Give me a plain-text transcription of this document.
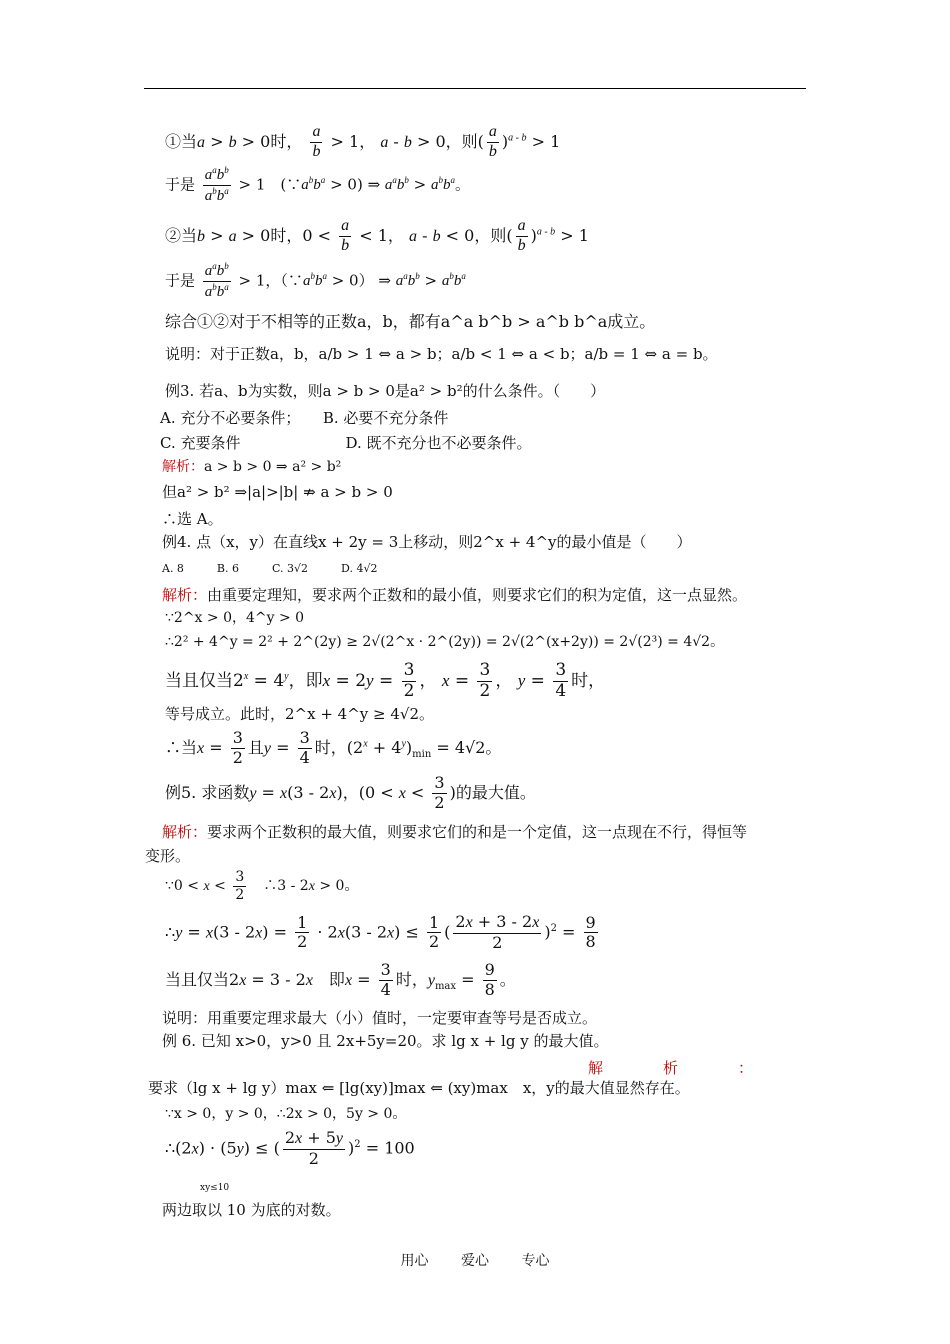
①当a > b > 0时， $\frac{a}{b} > 1$， a - b > 0，则( $\frac{a}{b} )^{a - b} > 1$
于是 $\frac{a^ab^b}{a^bb^a} > 1$　$(\because a^bb^a > 0)$ ⇒ $a^ab^b > a^bb^a$。
②当b > a > 0时，$0 < \frac{a}{b} < 1$， a - b < 0，则( $\frac{a}{b} )^{a - b} > 1$
于是 $\frac{a^ab^b}{a^bb^a} > 1$，$(\because a^bb^a > 0)$ ⇒ $a^ab^b > a^bb^a$
综合①②对于不相等的正数a，b，都有a^a b^b > a^b b^a成立。
说明：对于正数a，b，a/b > 1 ⇔ a > b；a/b < 1 ⇔ a < b；a/b = 1 ⇔ a = b。
例3. 若a、b为实数，则a > b > 0是a² > b²的什么条件。（　　）
A. 充分不必要条件；　　B. 必要不充分条件
C. 充要条件　　　　　　　D. 既不充分也不必要条件。
解析：a > b > 0 ⇒ a² > b²
但a² > b² ⇒|a|>|b| ⇏ a > b > 0
∴选 A。
例4. 点（x，y）在直线x + 2y = 3上移动，则2^x + 4^y的最小值是（　　）
A. 8　　　B. 6　　　C. 3√2　　　D. 4√2
解析：由重要定理知，要求两个正数和的最小值，则要求它们的积为定值，这一点显然。
∵2^x > 0，4^y > 0
∴2² + 4^y = 2² + 2^(2y) ≥ 2√(2^x · 2^(2y)) = 2√(2^(x+2y)) = 2√(2³) = 4√2。
当且仅当$2^x = 4^y$，即$x = 2y = \frac{3}{2}$ ， $x = \frac{3}{2}$ ， $y = \frac{3}{4}$ 时，
等号成立。此时，2^x + 4^y ≥ 4√2。
∴当$x = \frac{3}{2}$ 且$y = \frac{3}{4}$ 时，$(2^x + 4^y)_{min} = 4√2$。
例5. 求函数y = x(3 - 2x)，($0 < x < \frac{3}{2}$ )的最大值。
解析：要求两个正数积的最大值，则要求它们的和是一个定值，这一点现在不行，得恒等
变形。
∵0 < $x < \frac{3}{2}$ 　∴3 - 2x > 0。
∴y = $x(3 - 2x) = \frac{1}{2} \cdot 2x(3 - 2x) \le \frac{1}{2}$ ( $\frac{2x + 3 - 2x}{2} )^2 = \frac{9}{8}$
当且仅当2x = 3 - 2x　即$x = \frac{3}{4}$ 时，$y_{max} = \frac{9}{8}$ 。
说明：用重要定理求最大（小）值时，一定要审查等号是否成立。
例 6. 已知 x>0，y>0 且 2x+5y=20。求 lg x + lg y 的最大值。
解　　　　析　　　　：
要求（lg x + lg y）max ⇐ [lg(xy)]max ⇐ (xy)max　x，y的最大值显然存在。
∵x > 0，y > 0，∴2x > 0，5y > 0。
∴(2x) · (5y) ≤ ( $\frac{2x + 5y}{2} )^2 = 100$
xy≤10
两边取以 10 为底的对数。
用心 爱心 专心
